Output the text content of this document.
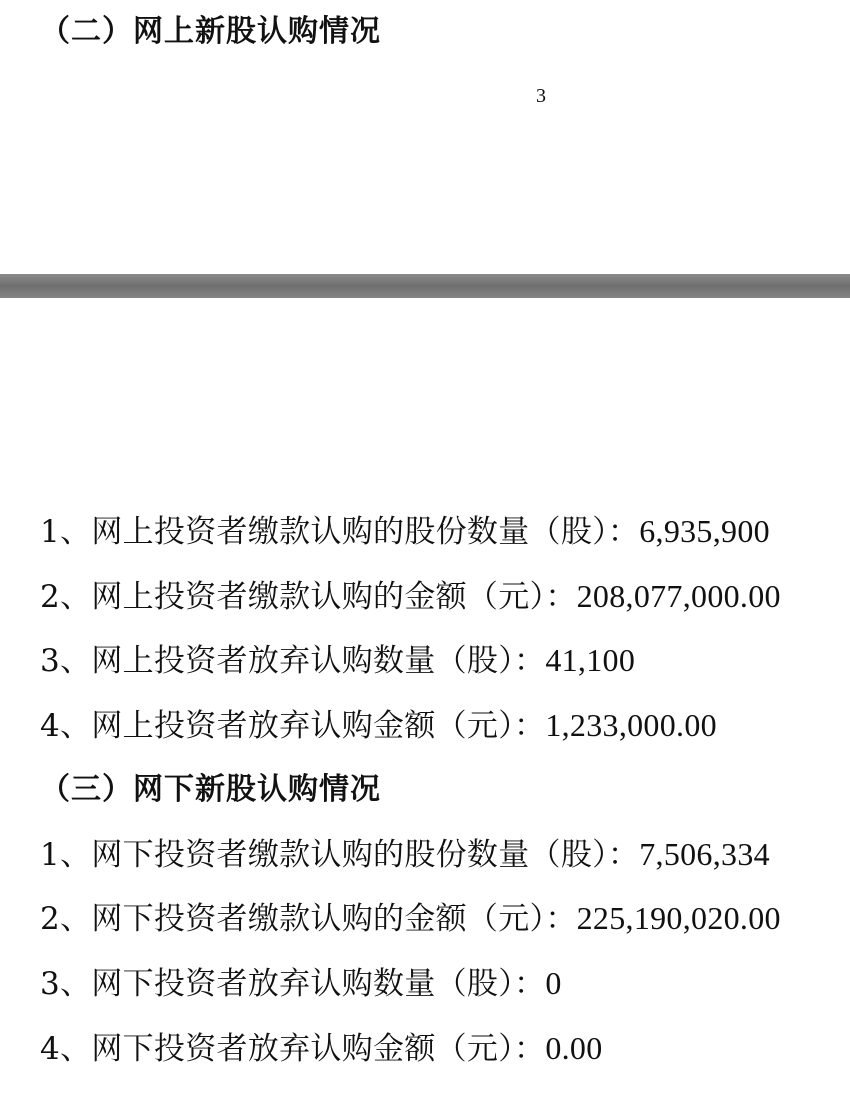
（二）网上新股认购情况
3
1、网上投资者缴款认购的股份数量（股）：6,935,900
2、网上投资者缴款认购的金额（元）：208,077,000.00
3、网上投资者放弃认购数量（股）：41,100
4、网上投资者放弃认购金额（元）：1,233,000.00
（三）网下新股认购情况
1、网下投资者缴款认购的股份数量（股）：7,506,334
2、网下投资者缴款认购的金额（元）：225,190,020.00
3、网下投资者放弃认购数量（股）：0
4、网下投资者放弃认购金额（元）：0.00
